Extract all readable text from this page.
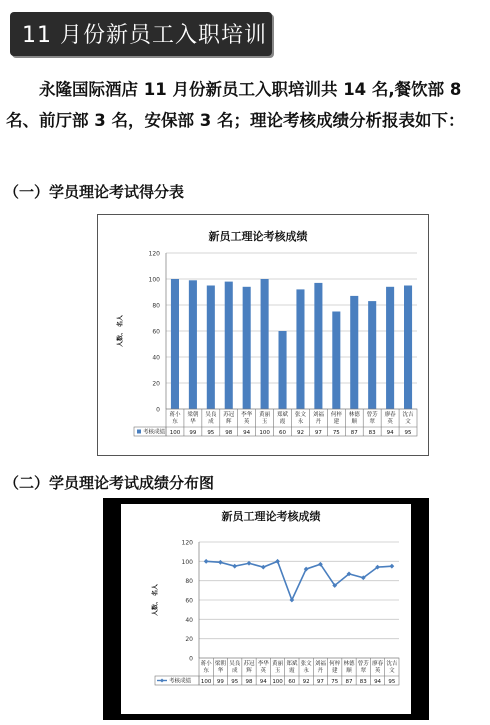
11 月份新员工入职培训
永隆国际酒店 11 月份新员工入职培训共 14 名,餐饮部 8 名、前厅部 3 名，安保部 3 名；理论考核成绩分析报表如下：
（一）学员理论考试得分表
新员工理论考核成绩
0
20
40
60
80
100
120
人数、 名人
蒋小
东
100
梁朝
华
99
吴良
成
95
苏冠
辉
98
李华
英
94
黄丽
玉
100
郑斌
霞
60
张文
永
92
刘福
丹
97
何梓
建
75
林德
顺
87
曾芳
翠
83
廖春
英
94
沈吉
文
95
考核成绩
（二）学员理论考试成绩分布图
新员工理论考核成绩
0
20
40
60
80
100
120
人数、 名人
蒋小
东
100
梁朝
华
99
吴良
成
95
苏冠
辉
98
李华
英
94
黄丽
玉
100
郑斌
霞
60
张文
永
92
刘福
丹
97
何梓
建
75
林德
顺
87
曾芳
翠
83
廖春
英
94
沈吉
文
95
考核成绩
